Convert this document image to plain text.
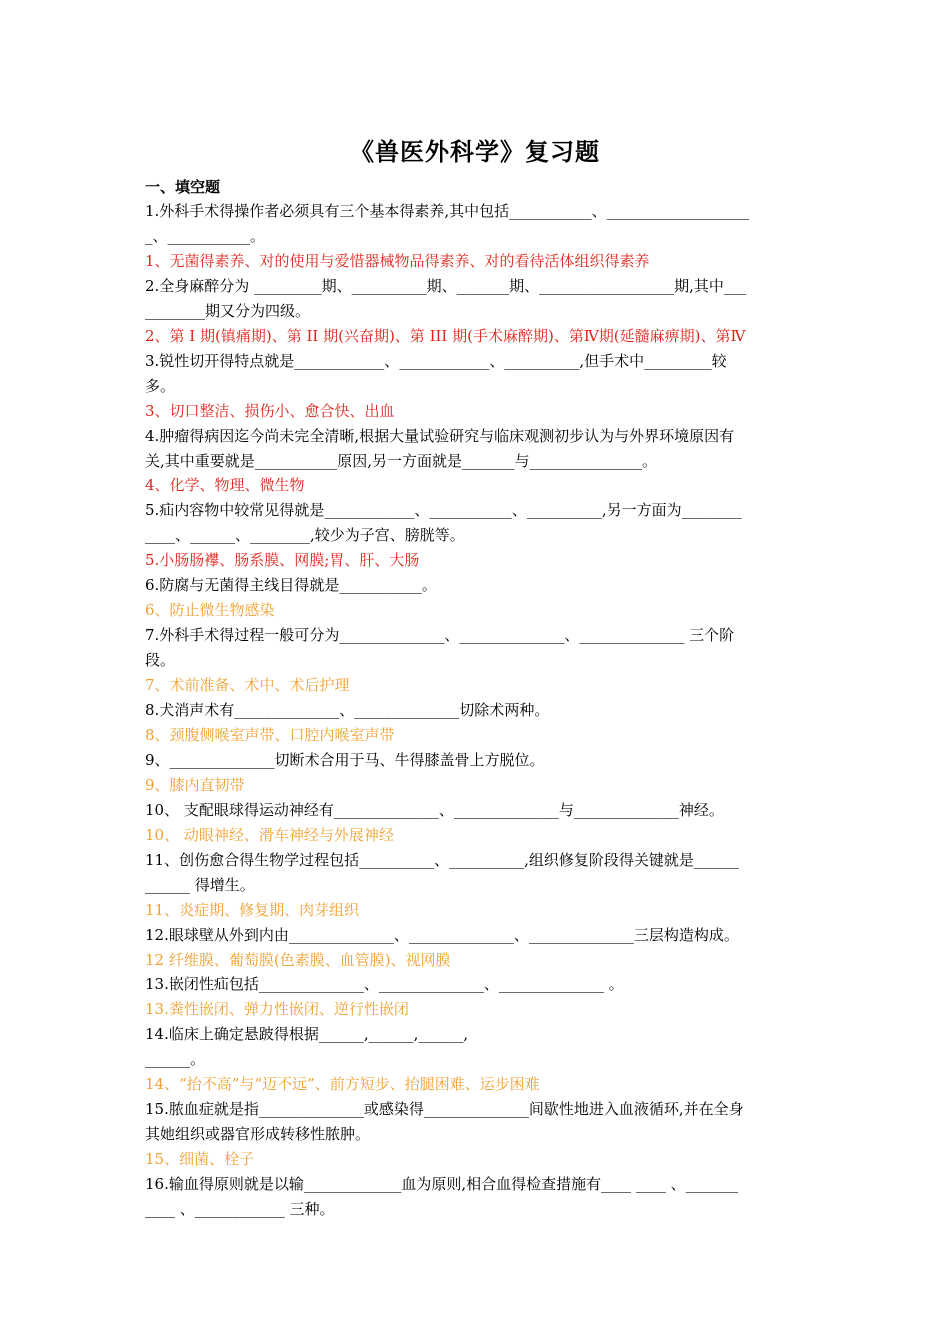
《兽医外科学》复习题
一、填空题
1.外科手术得操作者必须具有三个基本得素养,其中包括___________、___________________
_、___________。
1、无菌得素养、对的使用与爱惜器械物品得素养、对的看待活体组织得素养
2.全身麻醉分为 _________期、__________期、_______期、__________________期,其中___
________期又分为四级。
2、第 I 期(镇痛期)、第 II 期(兴奋期)、第 III 期(手术麻醉期)、第Ⅳ期(延髓麻痹期)、第Ⅳ
3.锐性切开得特点就是____________、____________、__________,但手术中_________较
多。
3、切口整洁、损伤小、愈合快、出血
4.肿瘤得病因迄今尚未完全清晰,根据大量试验研究与临床观测初步认为与外界环境原因有
关,其中重要就是___________原因,另一方面就是_______与_______________。
4、化学、物理、微生物
5.疝内容物中较常见得就是____________、___________、__________,另一方面为________
____、______、________,较少为子宫、膀胱等。
5.小肠肠襻、肠系膜、网膜;胃、肝、大肠
6.防腐与无菌得主线目得就是___________。
6、防止微生物感染
7.外科手术得过程一般可分为______________、______________、______________ 三个阶
段。
7、术前准备、术中、术后护理
8.犬消声术有______________、______________切除术两种。
8、颈腹侧喉室声带、口腔内喉室声带
9、______________切断术合用于马、牛得膝盖骨上方脱位。
9、膝内直韧带
10、 支配眼球得运动神经有______________、______________与______________神经。
10、 动眼神经、滑车神经与外展神经
11、创伤愈合得生物学过程包括__________、__________,组织修复阶段得关键就是______
______ 得增生。
11、炎症期、修复期、肉芽组织
12.眼球壁从外到内由______________、______________、______________三层构造构成。
12 纤维膜、葡萄膜(色素膜、血管膜)、视网膜
13.嵌闭性疝包括______________、______________、______________ 。
13.粪性嵌闭、弹力性嵌闭、逆行性嵌闭
14.临床上确定悬跛得根据______,______,______,
______。
14、“抬不高”与“迈不远”、前方短步、抬腿困难、运步困难
15.脓血症就是指______________或感染得______________间歇性地进入血液循环,并在全身
其她组织或器官形成转移性脓肿。
15、细菌、栓子
16.输血得原则就是以输_____________血为原则,相合血得检查措施有____ ____ 、_______
____ 、____________ 三种。
